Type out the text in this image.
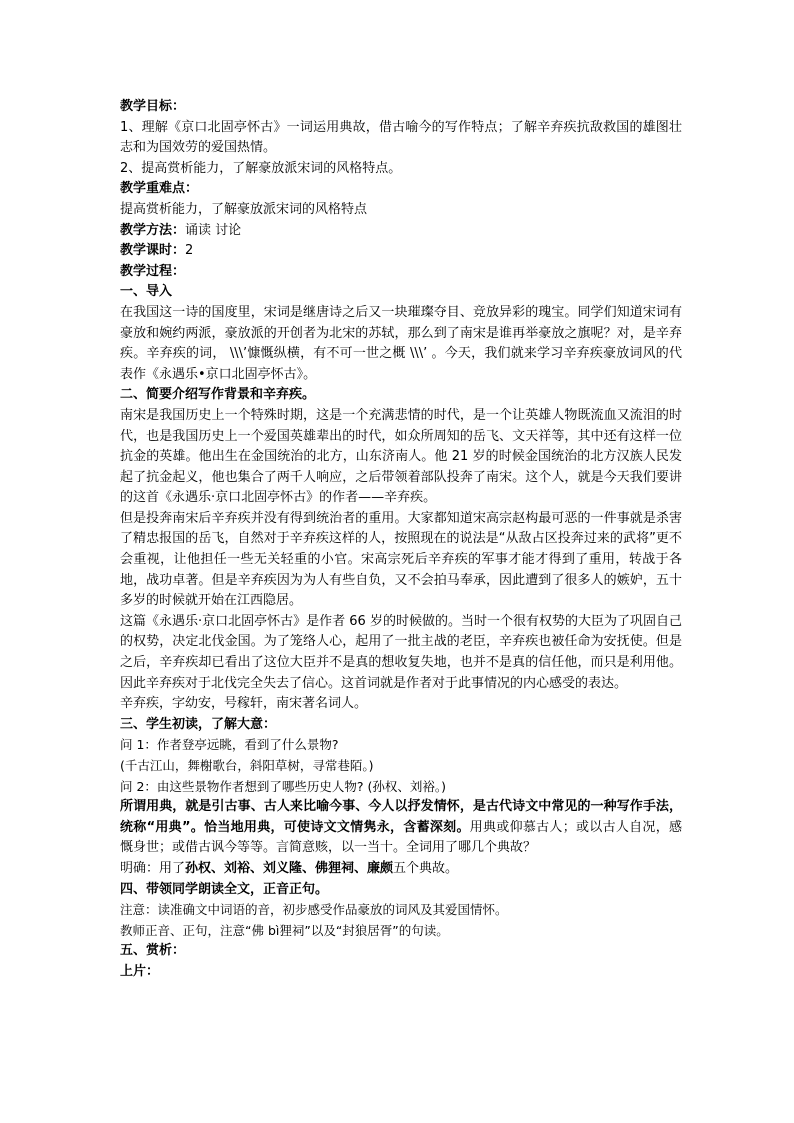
教学目标：

1、理解《京口北固亭怀古》一词运用典故，借古喻今的写作特点；了解辛弃疾抗敌救国的雄图壮志和为国效劳的爱国热情。

2、提高赏析能力，了解豪放派宋词的风格特点。

教学重难点：

提高赏析能力，了解豪放派宋词的风格特点

教学方法：诵读 讨论

教学课时：2

教学过程：

一、导入

在我国这一诗的国度里，宋词是继唐诗之后又一块璀璨夺目、竞放异彩的瑰宝。同学们知道宋词有豪放和婉约两派，豪放派的开创者为北宋的苏轼，那么到了南宋是谁再举豪放之旗呢？对，是辛弃疾。辛弃疾的词， \\\’慷慨纵横，有不可一世之概 \\\’ 。今天，我们就来学习辛弃疾豪放词风的代表作《永遇乐•京口北固亭怀古》。

二、简要介绍写作背景和辛弃疾。

南宋是我国历史上一个特殊时期，这是一个充满悲情的时代，是一个让英雄人物既流血又流泪的时代，也是我国历史上一个爱国英雄辈出的时代，如众所周知的岳飞、文天祥等，其中还有这样一位抗金的英雄。他出生在金国统治的北方，山东济南人。他 21 岁的时候金国统治的北方汉族人民发起了抗金起义，他也集合了两千人响应，之后带领着部队投奔了南宋。这个人，就是今天我们要讲的这首《永遇乐·京口北固亭怀古》的作者——辛弃疾。

但是投奔南宋后辛弃疾并没有得到统治者的重用。大家都知道宋高宗赵构最可恶的一件事就是杀害了精忠报国的岳飞，自然对于辛弃疾这样的人，按照现在的说法是“从敌占区投奔过来的武将”更不会重视，让他担任一些无关轻重的小官。宋高宗死后辛弃疾的军事才能才得到了重用，转战于各地，战功卓著。但是辛弃疾因为为人有些自负，又不会拍马奉承，因此遭到了很多人的嫉妒，五十多岁的时候就开始在江西隐居。

这篇《永遇乐·京口北固亭怀古》是作者 66 岁的时候做的。当时一个很有权势的大臣为了巩固自己的权势，决定北伐金国。为了笼络人心，起用了一批主战的老臣，辛弃疾也被任命为安抚使。但是之后，辛弃疾却已看出了这位大臣并不是真的想收复失地，也并不是真的信任他，而只是利用他。因此辛弃疾对于北伐完全失去了信心。这首词就是作者对于此事情况的内心感受的表达。

辛弃疾，字幼安，号稼轩，南宋著名词人。

三、学生初读，了解大意：

问 1：作者登亭远眺，看到了什么景物?

(千古江山，舞榭歌台，斜阳草树，寻常巷陌。)

问 2：由这些景物作者想到了哪些历史人物? (孙权、刘裕。)

所谓用典，就是引古事、古人来比喻今事、今人以抒发情怀，是古代诗文中常见的一种写作手法，统称“用典”。恰当地用典，可使诗文文情隽永，含蓄深刻。用典或仰慕古人；或以古人自况，感慨身世；或借古讽今等等。言简意赅，以一当十。全词用了哪几个典故？

明确：用了孙权、刘裕、刘义隆、佛狸祠、廉颇五个典故。

四、带领同学朗读全文，正音正句。

注意：读准确文中词语的音，初步感受作品豪放的词风及其爱国情怀。

教师正音、正句，注意“佛 bì狸祠”以及“封狼居胥”的句读。

五、赏析：

上片：
